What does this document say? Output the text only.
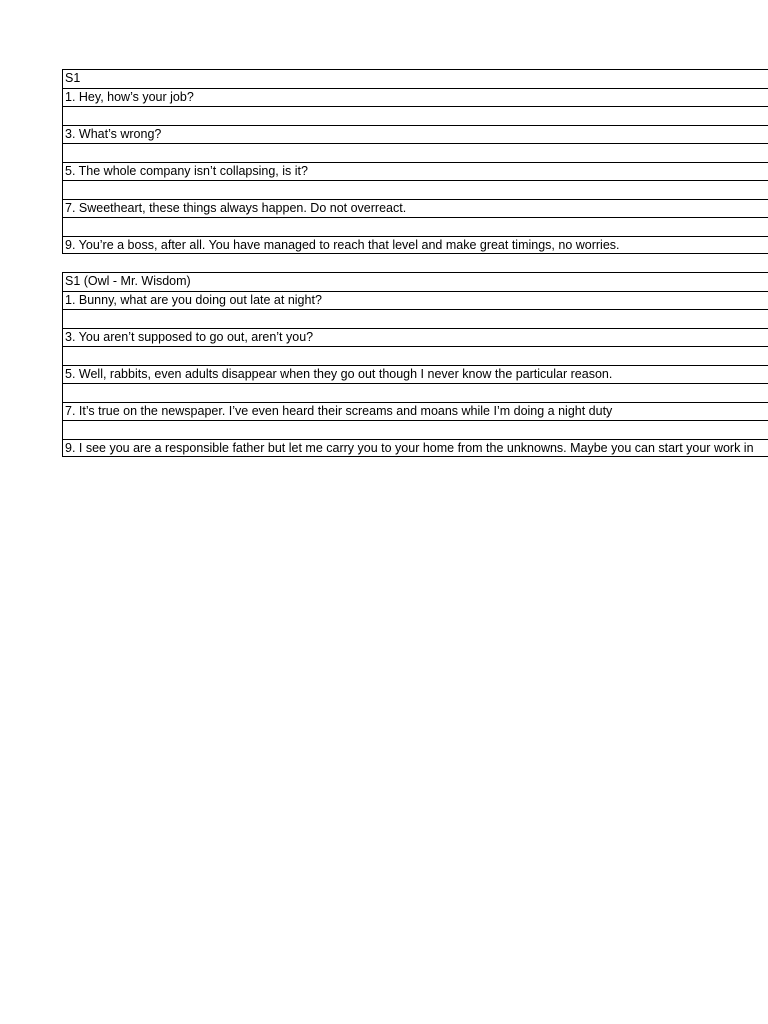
S1
1. Hey, how’s your job?
3. What’s wrong?
5. The whole company isn’t collapsing, is it?
7. Sweetheart, these things always happen. Do not overreact.
9. You’re a boss, after all. You have managed to reach that level and make great timings, no worries.
S1 (Owl - Mr. Wisdom)
1. Bunny, what are you doing out late at night?
3. You aren’t supposed to go out, aren’t you?
5. Well, rabbits, even adults disappear when they go out though I never know the particular reason.
7. It’s true on the newspaper. I’ve even heard their screams and moans while I’m doing a night duty
9. I see you are a responsible father but let me carry you to your home from the unknowns. Maybe you can start your work in
